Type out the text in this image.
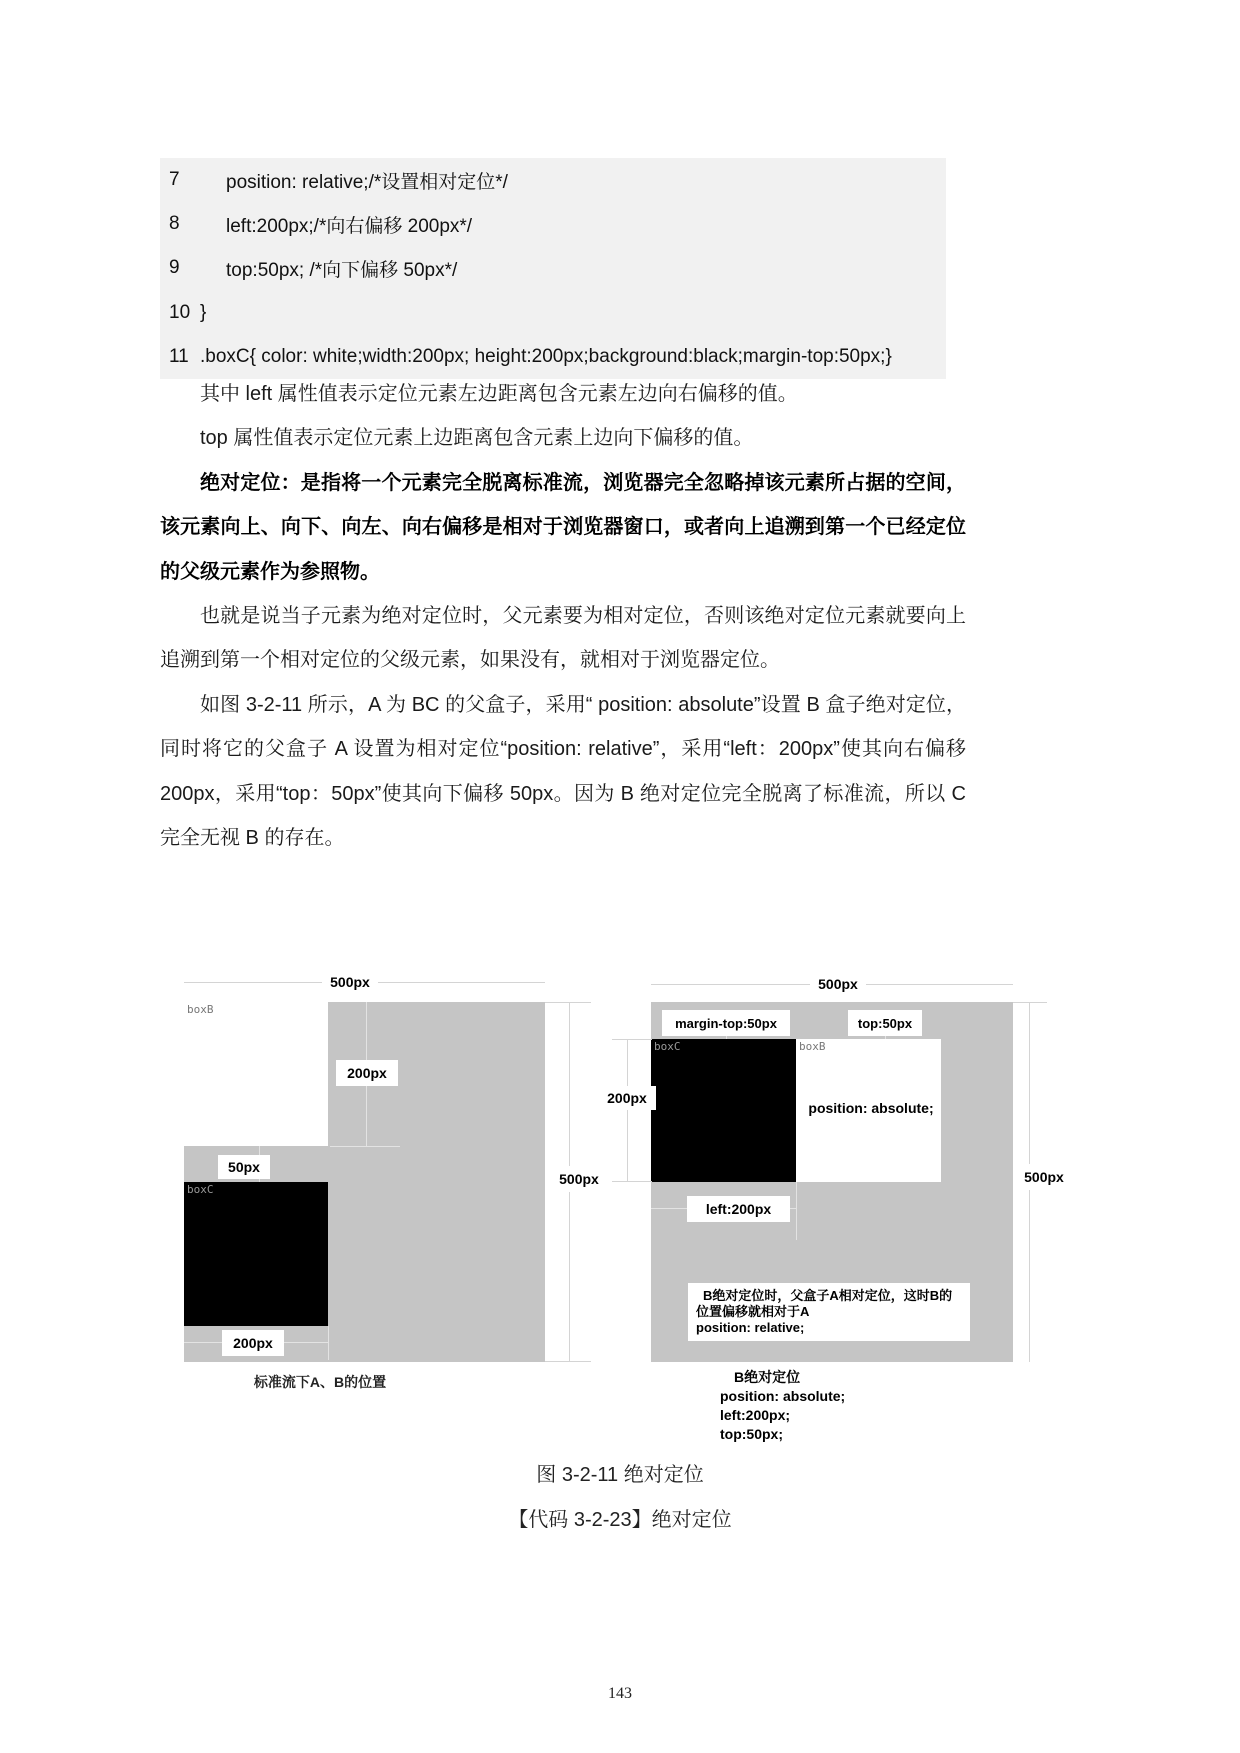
7	position: relative;/*设置相对定位*/
8	left:200px;/*向右偏移 200px*/
9	top:50px; /*向下偏移 50px*/
10 }
11 .boxC{ color: white;width:200px; height:200px;background:black;margin-top:50px;}

其中 left 属性值表示定位元素左边距离包含元素左边向右偏移的值。

top 属性值表示定位元素上边距离包含元素上边向下偏移的值。

绝对定位：是指将一个元素完全脱离标准流，浏览器完全忽略掉该元素所占据的空间，该元素向上、向下、向左、向右偏移是相对于浏览器窗口，或者向上追溯到第一个已经定位的父级元素作为参照物。

也就是说当子元素为绝对定位时，父元素要为相对定位，否则该绝对定位元素就要向上追溯到第一个相对定位的父级元素，如果没有，就相对于浏览器定位。

如图 3-2-11 所示，A 为 BC 的父盒子，采用“ position: absolute”设置 B 盒子绝对定位，同时将它的父盒子 A 设置为相对定位“position: relative”，采用“left：200px”使其向右偏移 200px，采用“top：50px”使其向下偏移 50px。因为 B 绝对定位完全脱离了标准流，所以 C 完全无视 B 的存在。

500px
boxB
200px
50px
boxC
200px
500px
标准流下A、B的位置
500px
margin-top:50px	top:50px
boxC	boxB
position: absolute;
left:200px
B绝对定位时，父盒子A相对定位，这时B的
位置偏移就相对于A
position: relative;
200px
500px
B绝对定位
position: absolute;
left:200px;
top:50px;
图 3-2-11 绝对定位
【代码 3-2-23】绝对定位
143
